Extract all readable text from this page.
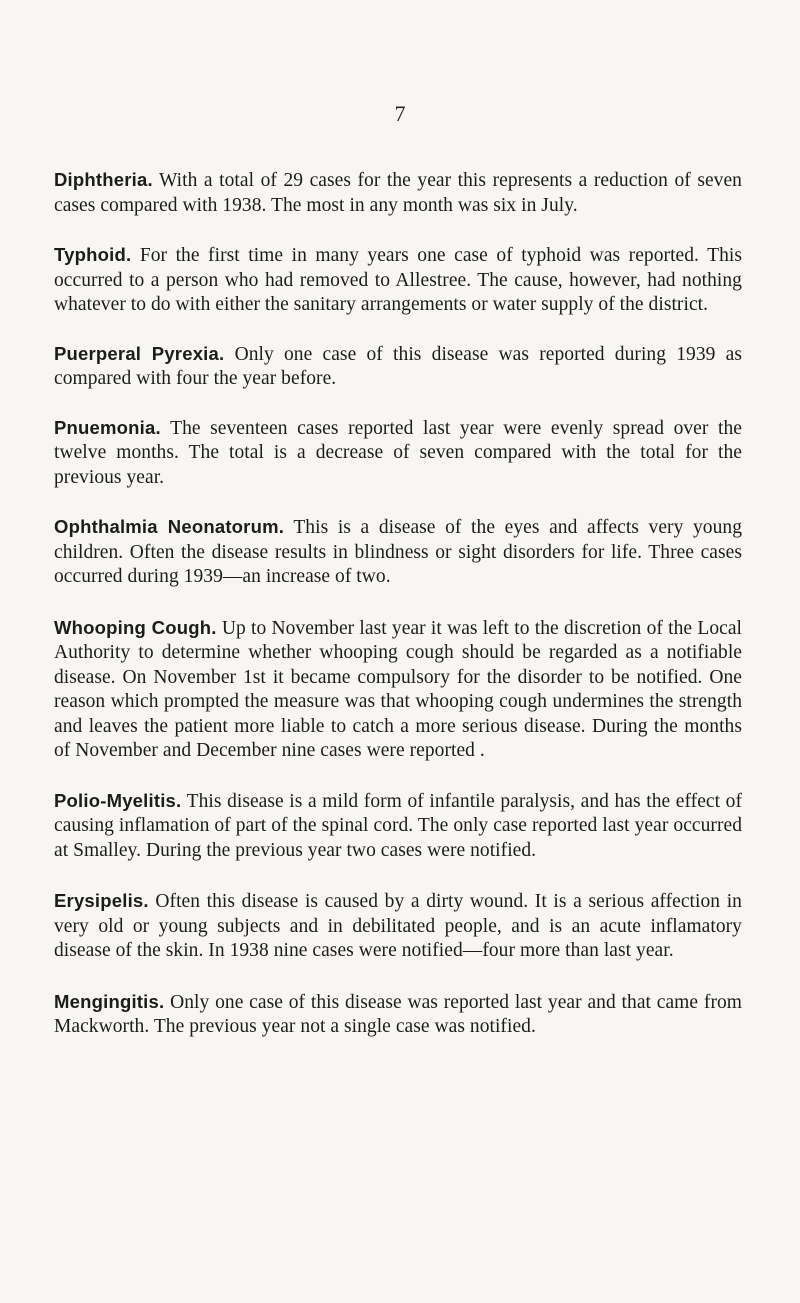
7

Diphtheria. With a total of 29 cases for the year this represents a reduction of seven cases compared with 1938. The most in any month was six in July.

Typhoid. For the first time in many years one case of typhoid was reported. This occurred to a person who had removed to Allestree. The cause, however, had nothing whatever to do with either the sanitary arrangements or water supply of the district.

Puerperal Pyrexia. Only one case of this disease was reported during 1939 as compared with four the year before.

Pnuemonia. The seventeen cases reported last year were evenly spread over the twelve months. The total is a decrease of seven compared with the total for the previous year.

Ophthalmia Neonatorum. This is a disease of the eyes and affects very young children. Often the disease results in blindness or sight disorders for life. Three cases occurred during 1939—an increase of two.

Whooping Cough. Up to November last year it was left to the discretion of the Local Authority to determine whether whooping cough should be regarded as a notifiable disease. On November 1st it became compulsory for the disorder to be notified. One reason which prompted the measure was that whooping cough undermines the strength and leaves the patient more liable to catch a more serious disease. During the months of November and December nine cases were reported .

Polio-Myelitis. This disease is a mild form of infantile paralysis, and has the effect of causing inflamation of part of the spinal cord. The only case reported last year occurred at Smalley. During the previous year two cases were notified.

Erysipelis. Often this disease is caused by a dirty wound. It is a serious affection in very old or young subjects and in debilitated people, and is an acute inflamatory disease of the skin. In 1938 nine cases were notified—four more than last year.

Mengingitis. Only one case of this disease was reported last year and that came from Mackworth. The previous year not a single case was notified.
